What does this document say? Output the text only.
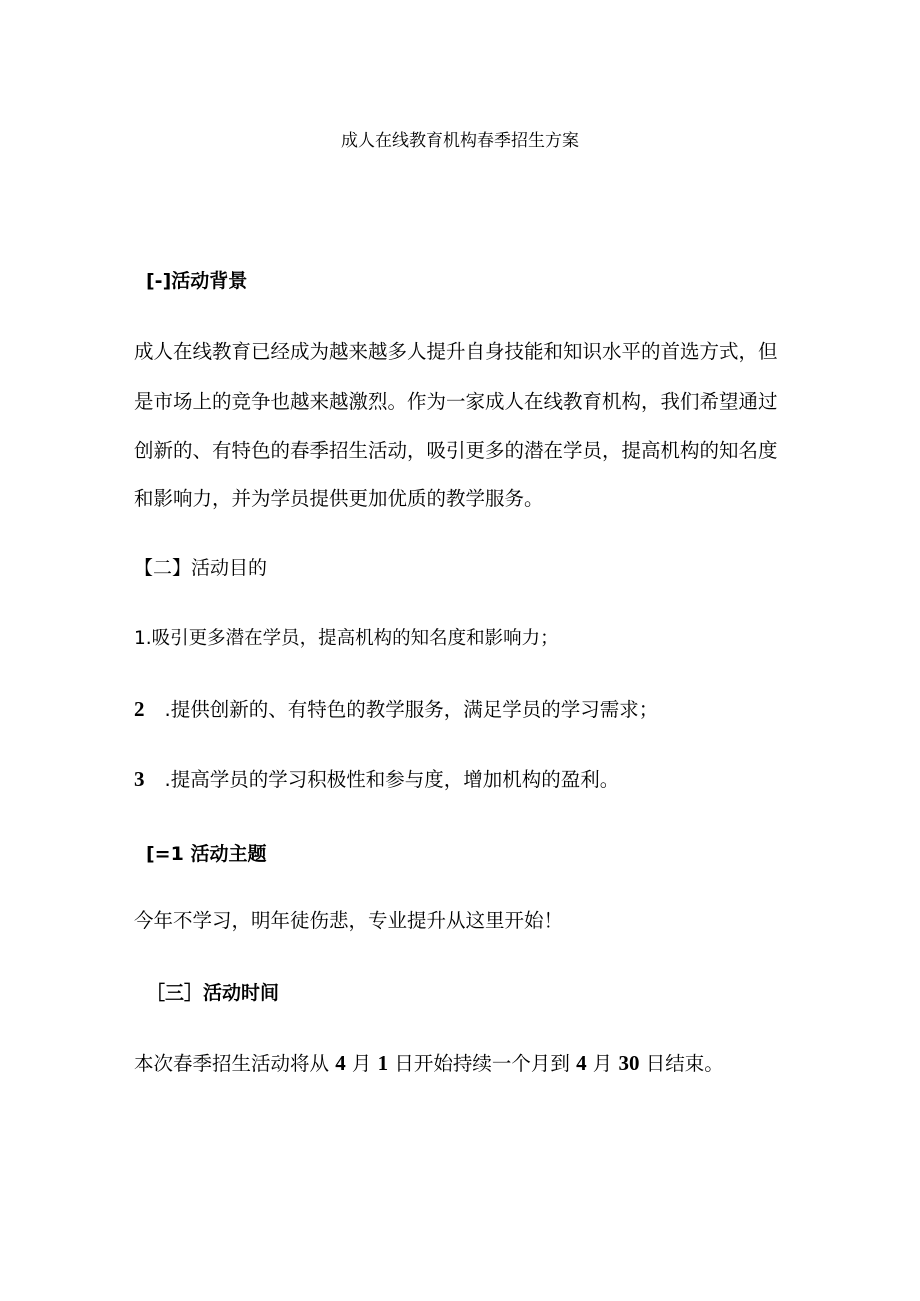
成人在线教育机构春季招生方案
[-]活动背景
成人在线教育已经成为越来越多人提升自身技能和知识水平的首选方式，但
是市场上的竞争也越来越激烈。作为一家成人在线教育机构，我们希望通过
创新的、有特色的春季招生活动，吸引更多的潜在学员，提高机构的知名度
和影响力，并为学员提供更加优质的教学服务。
【二】活动目的
1.吸引更多潜在学员，提高机构的知名度和影响力；
2 .提供创新的、有特色的教学服务，满足学员的学习需求；
3 .提高学员的学习积极性和参与度，增加机构的盈利。
[=1 活动主题
今年不学习，明年徒伤悲，专业提升从这里开始！
［三］活动时间
本次春季招生活动将从 4 月 1 日开始持续一个月到 4 月 30 日结束。
